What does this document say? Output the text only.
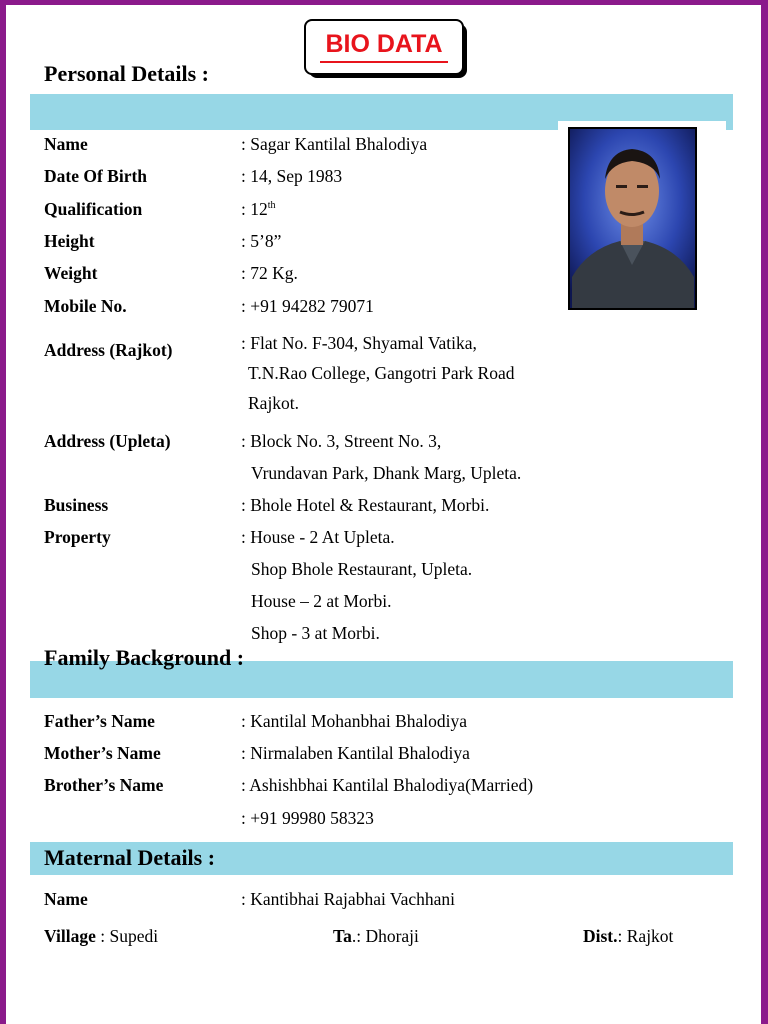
BIO DATA
Personal Details :
Name	: Sagar Kantilal Bhalodiya
Date Of Birth	: 14, Sep 1983
Qualification	: 12th
Height	: 5’8”
Weight	: 72 Kg.
Mobile No.	: +91 94282 79071
Address (Rajkot)	: Flat No. F-304, Shyamal Vatika,
T.N.Rao College, Gangotri Park Road
Rajkot.
Address (Upleta)	: Block No. 3, Streent No. 3,
Vrundavan Park, Dhank Marg, Upleta.
Business	: Bhole Hotel & Restaurant, Morbi.
Property	: House - 2 At Upleta.
Shop Bhole Restaurant, Upleta.
House – 2 at Morbi.
Shop - 3 at Morbi.
Family Background :
Father’s Name	: Kantilal Mohanbhai Bhalodiya
Mother’s Name	: Nirmalaben Kantilal Bhalodiya
Brother’s Name	: Ashishbhai Kantilal Bhalodiya(Married)
: +91 99980 58323
Maternal Details :
Name	: Kantibhai Rajabhai Vachhani
Village : Supedi	Ta.: Dhoraji	Dist.: Rajkot
